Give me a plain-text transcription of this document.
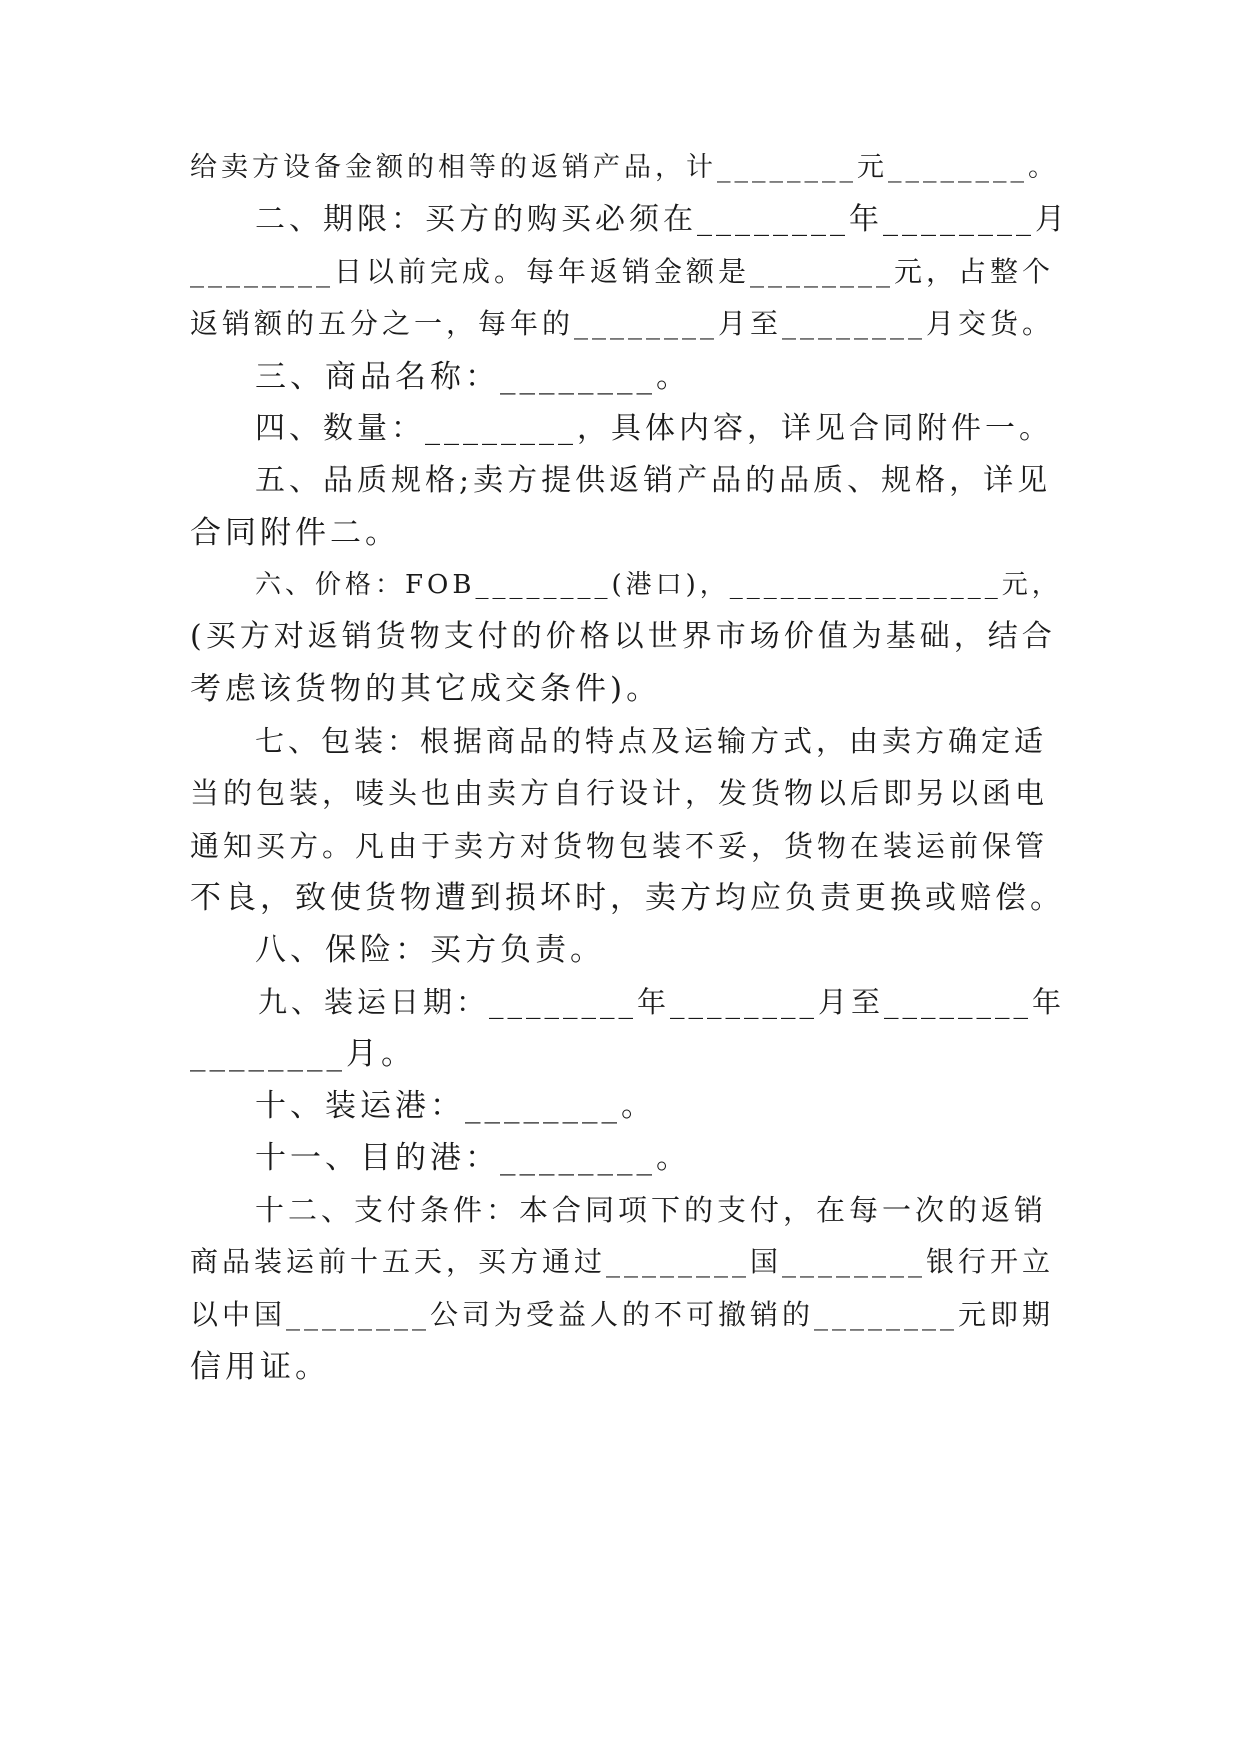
给卖方设备金额的相等的返销产品，计________元________。
二、期限：买方的购买必须在________年________月
________日以前完成。每年返销金额是________元，占整个
返销额的五分之一，每年的________月至________月交货。
三、商品名称：________。
四、数量：________，具体内容，详见合同附件一。
五、品质规格;卖方提供返销产品的品质、规格，详见
合同附件二。
六、价格：FOB________(港口)，________________元，
(买方对返销货物支付的价格以世界市场价值为基础，结合
考虑该货物的其它成交条件)。
七、包装：根据商品的特点及运输方式，由卖方确定适
当的包装，唛头也由卖方自行设计，发货物以后即另以函电
通知买方。凡由于卖方对货物包装不妥，货物在装运前保管
不良，致使货物遭到损坏时，卖方均应负责更换或赔偿。
八、保险：买方负责。
九、装运日期：________年________月至________年
________月。
十、装运港：________。
十一、目的港：________。
十二、支付条件：本合同项下的支付，在每一次的返销
商品装运前十五天，买方通过________国________银行开立
以中国________公司为受益人的不可撤销的________元即期
信用证。
